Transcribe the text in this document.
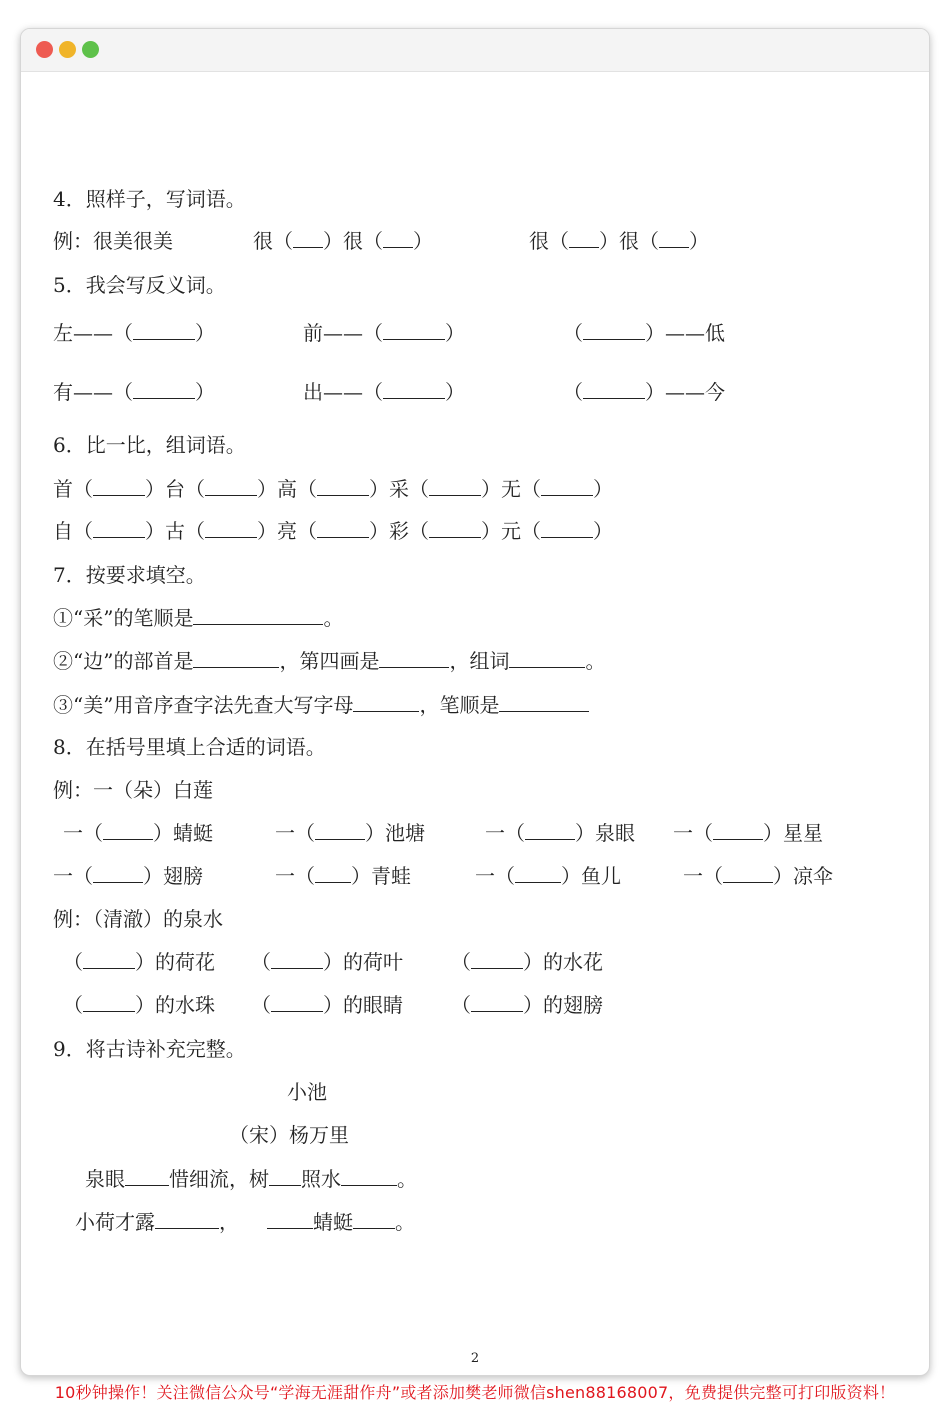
4．照样子，写词语。
例：很美很美	很（ ）很（ ）	很（ ）很（ ）
5．我会写反义词。
左——（	）	前——（	）	（	）——低
有——（	）	出——（	）	（	）——今
6．比一比，组词语。
首（	）台（	）高（	）采（	）无（	）
自（	）古（	）亮（	）彩（	）元（	）
7．按要求填空。
①“采”的笔顺是	。
②“边”的部首是	，第四画是	，组词	。
③“美”用音序查字法先查大写字母	，笔顺是
8．在括号里填上合适的词语。
例：一（朵）白莲
一（	）蜻蜓	一（	）池塘	一（	）泉眼 一（	）星星
一（	）翅膀	一（ ）青蛙	一（ ）鱼儿	一（	）凉伞
例：（清澈）的泉水
（	）的荷花 （	）的荷叶 （	）的水花
（	）的水珠 （	）的眼睛 （	）的翅膀
9．将古诗补充完整。
小池
（宋）杨万里
泉眼 惜细流，树 照水	。
小荷才露	，	蜻蜓 。
2
10秒钟操作！关注微信公众号“学海无涯甜作舟”或者添加樊老师微信shen88168007，免费提供完整可打印版资料！
